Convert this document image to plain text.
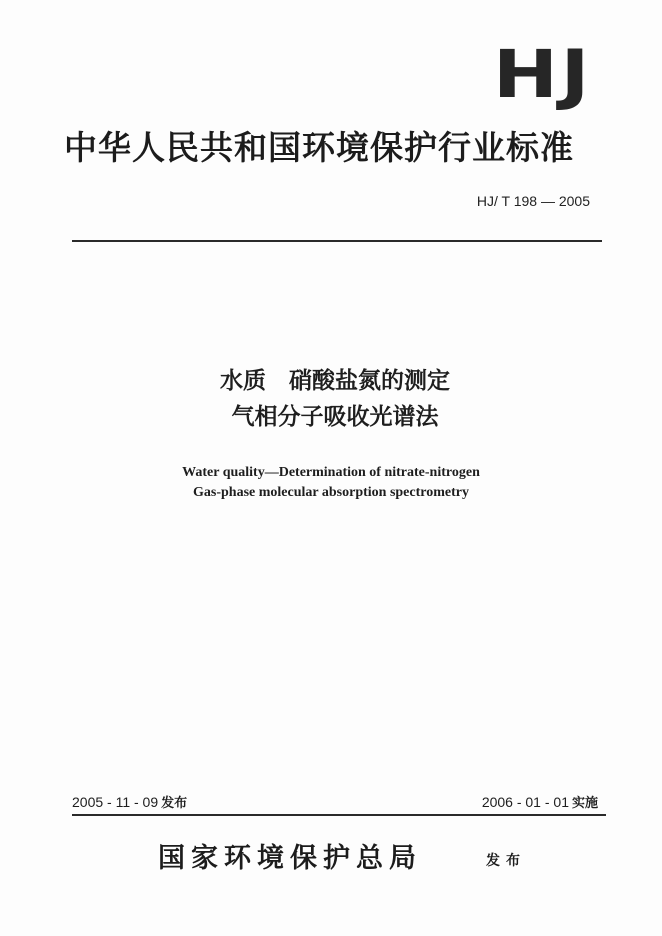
HJ
中华人民共和国环境保护行业标准
HJ/ T 198 — 2005
水质　硝酸盐氮的测定
气相分子吸收光谱法
Water quality—Determination of nitrate-nitrogen
Gas-phase molecular absorption spectrometry
2005 - 11 - 09 发布	2006 - 01 - 01 实施
国家环境保护总局	发布
